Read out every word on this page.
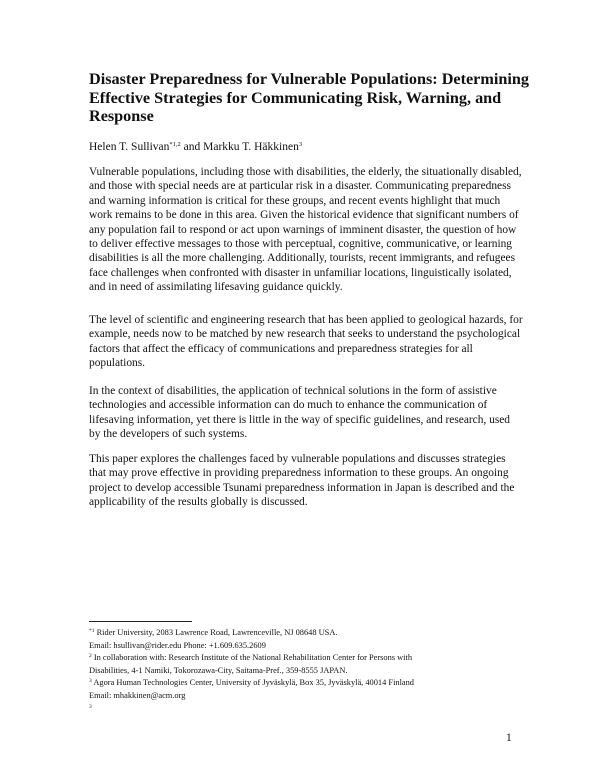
Disaster Preparedness for Vulnerable Populations: Determining Effective Strategies for Communicating Risk, Warning, and Response
Helen T. Sullivan$^{*1,2}$ and Markku T. Häkkinen$^3$
Vulnerable populations, including those with disabilities, the elderly, the situationally disabled, and those with special needs are at particular risk in a disaster. Communicating preparedness and warning information is critical for these groups, and recent events highlight that much work remains to be done in this area. Given the historical evidence that significant numbers of any population fail to respond or act upon warnings of imminent disaster, the question of how to deliver effective messages to those with perceptual, cognitive, communicative, or learning disabilities is all the more challenging. Additionally, tourists, recent immigrants, and refugees face challenges when confronted with disaster in unfamiliar locations, linguistically isolated, and in need of assimilating lifesaving guidance quickly.
The level of scientific and engineering research that has been applied to geological hazards, for example, needs now to be matched by new research that seeks to understand the psychological factors that affect the efficacy of communications and preparedness strategies for all populations.
In the context of disabilities, the application of technical solutions in the form of assistive technologies and accessible information can do much to enhance the communication of lifesaving information, yet there is little in the way of specific guidelines, and research, used by the developers of such systems.
This paper explores the challenges faced by vulnerable populations and discusses strategies that may prove effective in providing preparedness information to these groups. An ongoing project to develop accessible Tsunami preparedness information in Japan is described and the applicability of the results globally is discussed.
$^{*1}$ Rider University, 2083 Lawrence Road, Lawrenceville, NJ 08648 USA.
Email: hsullivan@rider.edu Phone: +1.609.635.2609
$^2$ In collaboration with: Research Institute of the National Rehabilitation Center for Persons with
Disabilities, 4-1 Namiki, Tokorozawa-City, Saitama-Pref., 359-8555 JAPAN.
$^3$ Agora Human Technologies Center, University of Jyväskylä, Box 35, Jyväskylä, 40014 Finland
Email: mhakkinen@acm.org
$^3$
1
